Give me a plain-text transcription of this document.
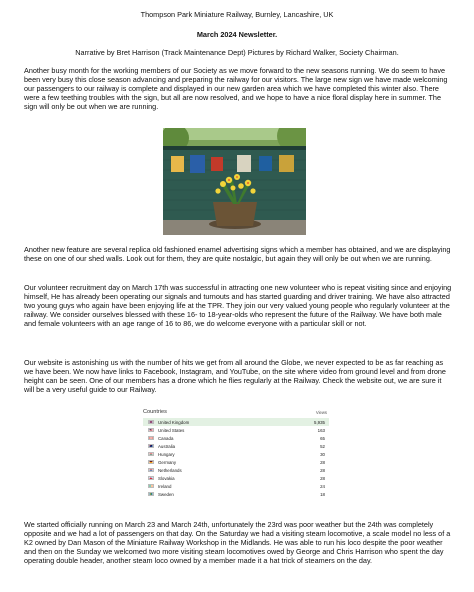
Thompson Park Miniature Railway, Burnley, Lancashire, UK

March 2024 Newsletter.

Narrative by Bret Harrison (Track Maintenance Dept) Pictures by Richard Walker, Society Chairman.

Another busy month for the working members of our Society as we move forward to the new seasons running. We do seem to have been very busy this close season advancing and preparing the railway for our visitors. The large new sign we have made welcoming our passengers to our railway is complete and displayed in our new garden area which we have completed this winter also. There were a few teething troubles with the sign, but all are now resolved, and we hope to have a nice floral display here in summer. The sign will only be out when we are running.

Another new feature are several replica old fashioned enamel advertising signs which a member has obtained, and we are displaying these on one of our shed walls. Look out for them, they are quite nostalgic, but again they will only be out when we are running.

Our volunteer recruitment day on March 17th was successful in attracting one new volunteer who is repeat visiting since and enjoying himself, He has already been operating our signals and turnouts and has started guarding and driver training. We have also attracted two young guys who again have been enjoying life at the TPR. They join our very valued young people who regularly volunteer at the railway. We consider ourselves blessed with these 16- to 18-year-olds who represent the future of the Railway. We have both male and female volunteers with an age range of 16 to 86, we do welcome everyone with a particular skill or not.

Our website is astonishing us with the number of hits we get from all around the Globe, we never expected to be as far reaching as we have been. We now have links to Facebook, Instagram, and YouTube, on the site where video from ground level and from drone height can be seen. One of our members has a drone which he flies regularly at the Railway. Check the website out, we are sure it will be a very useful guide to our Railway.

Countries	Views
United Kingdom	5,935
United States	163
Canada	65
Australia	52
Hungary	30
Germany	28
Netherlands	28
Slovakia	28
Ireland	24
Sweden	18

We started officially running on March 23 and March 24th, unfortunately the 23rd was poor weather but the 24th was completely opposite and we had a lot of passengers on that day. On the Saturday we had a visiting steam locomotive, a scale model no less of a K2 owned by Dan Mason of the Miniature Railway Workshop in the Midlands. He was able to run his loco despite the poor weather and then on the Sunday we welcomed two more visiting steam locomotives owed by George and Chris Harrison who spent the day operating double header, another steam loco owned by a member made it a hat trick of steamers on the day.
